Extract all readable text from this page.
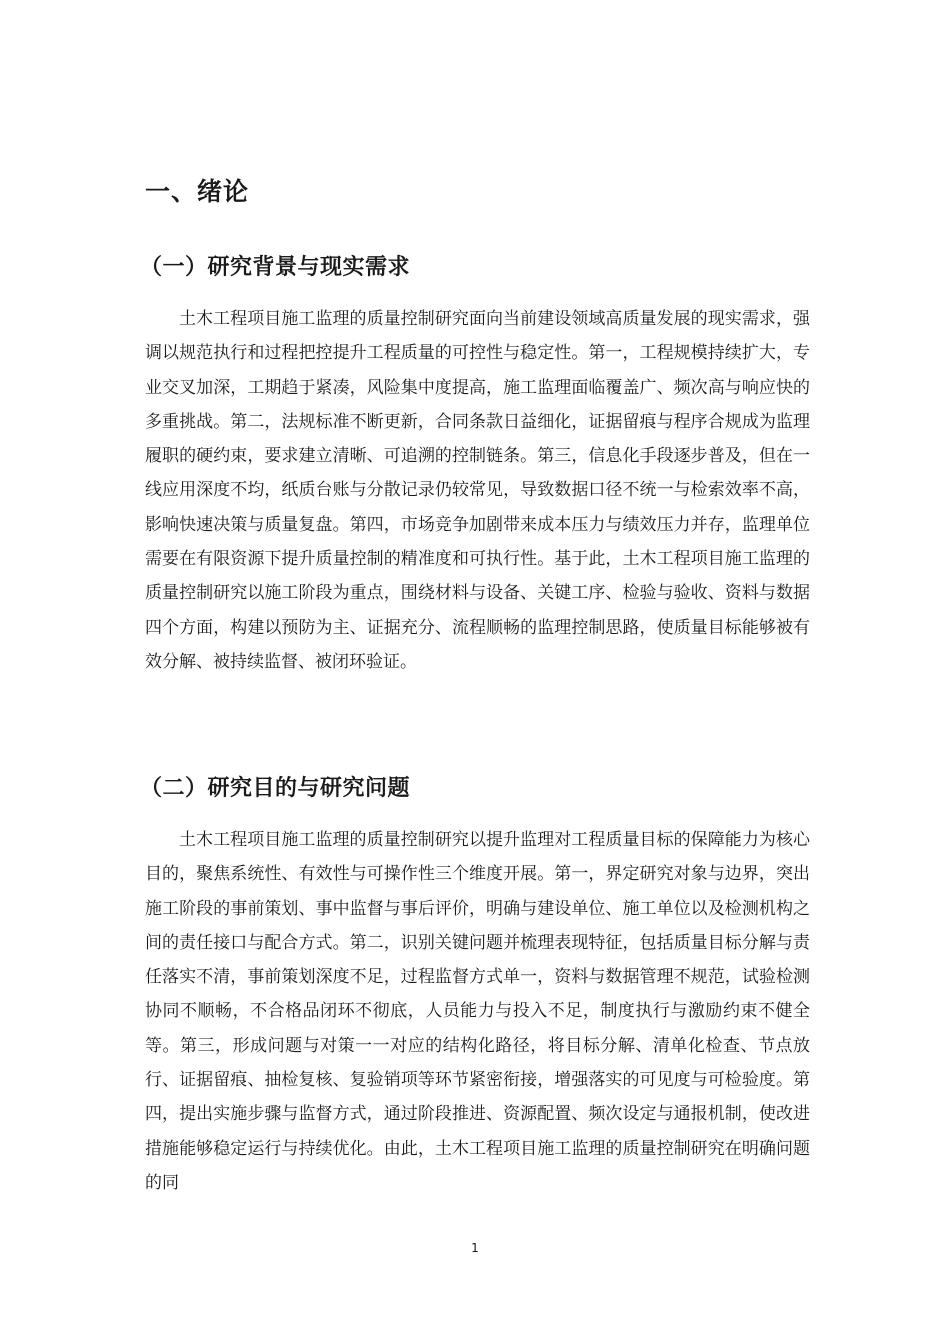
一、绪论
（一）研究背景与现实需求

土木工程项目施工监理的质量控制研究面向当前建设领域高质量发展的现实需求，强调以规范执行和过程把控提升工程质量的可控性与稳定性。第一，工程规模持续扩大，专业交叉加深，工期趋于紧凑，风险集中度提高，施工监理面临覆盖广、频次高与响应快的多重挑战。第二，法规标准不断更新，合同条款日益细化，证据留痕与程序合规成为监理履职的硬约束，要求建立清晰、可追溯的控制链条。第三，信息化手段逐步普及，但在一线应用深度不均，纸质台账与分散记录仍较常见，导致数据口径不统一与检索效率不高，影响快速决策与质量复盘。第四，市场竞争加剧带来成本压力与绩效压力并存，监理单位需要在有限资源下提升质量控制的精准度和可执行性。基于此，土木工程项目施工监理的质量控制研究以施工阶段为重点，围绕材料与设备、关键工序、检验与验收、资料与数据四个方面，构建以预防为主、证据充分、流程顺畅的监理控制思路，使质量目标能够被有效分解、被持续监督、被闭环验证。

（二）研究目的与研究问题

土木工程项目施工监理的质量控制研究以提升监理对工程质量目标的保障能力为核心目的，聚焦系统性、有效性与可操作性三个维度开展。第一，界定研究对象与边界，突出施工阶段的事前策划、事中监督与事后评价，明确与建设单位、施工单位以及检测机构之间的责任接口与配合方式。第二，识别关键问题并梳理表现特征，包括质量目标分解与责任落实不清，事前策划深度不足，过程监督方式单一，资料与数据管理不规范，试验检测协同不顺畅，不合格品闭环不彻底，人员能力与投入不足，制度执行与激励约束不健全等。第三，形成问题与对策一一对应的结构化路径，将目标分解、清单化检查、节点放行、证据留痕、抽检复核、复验销项等环节紧密衔接，增强落实的可见度与可检验度。第四，提出实施步骤与监督方式，通过阶段推进、资源配置、频次设定与通报机制，使改进措施能够稳定运行与持续优化。由此，土木工程项目施工监理的质量控制研究在明确问题的同

1
